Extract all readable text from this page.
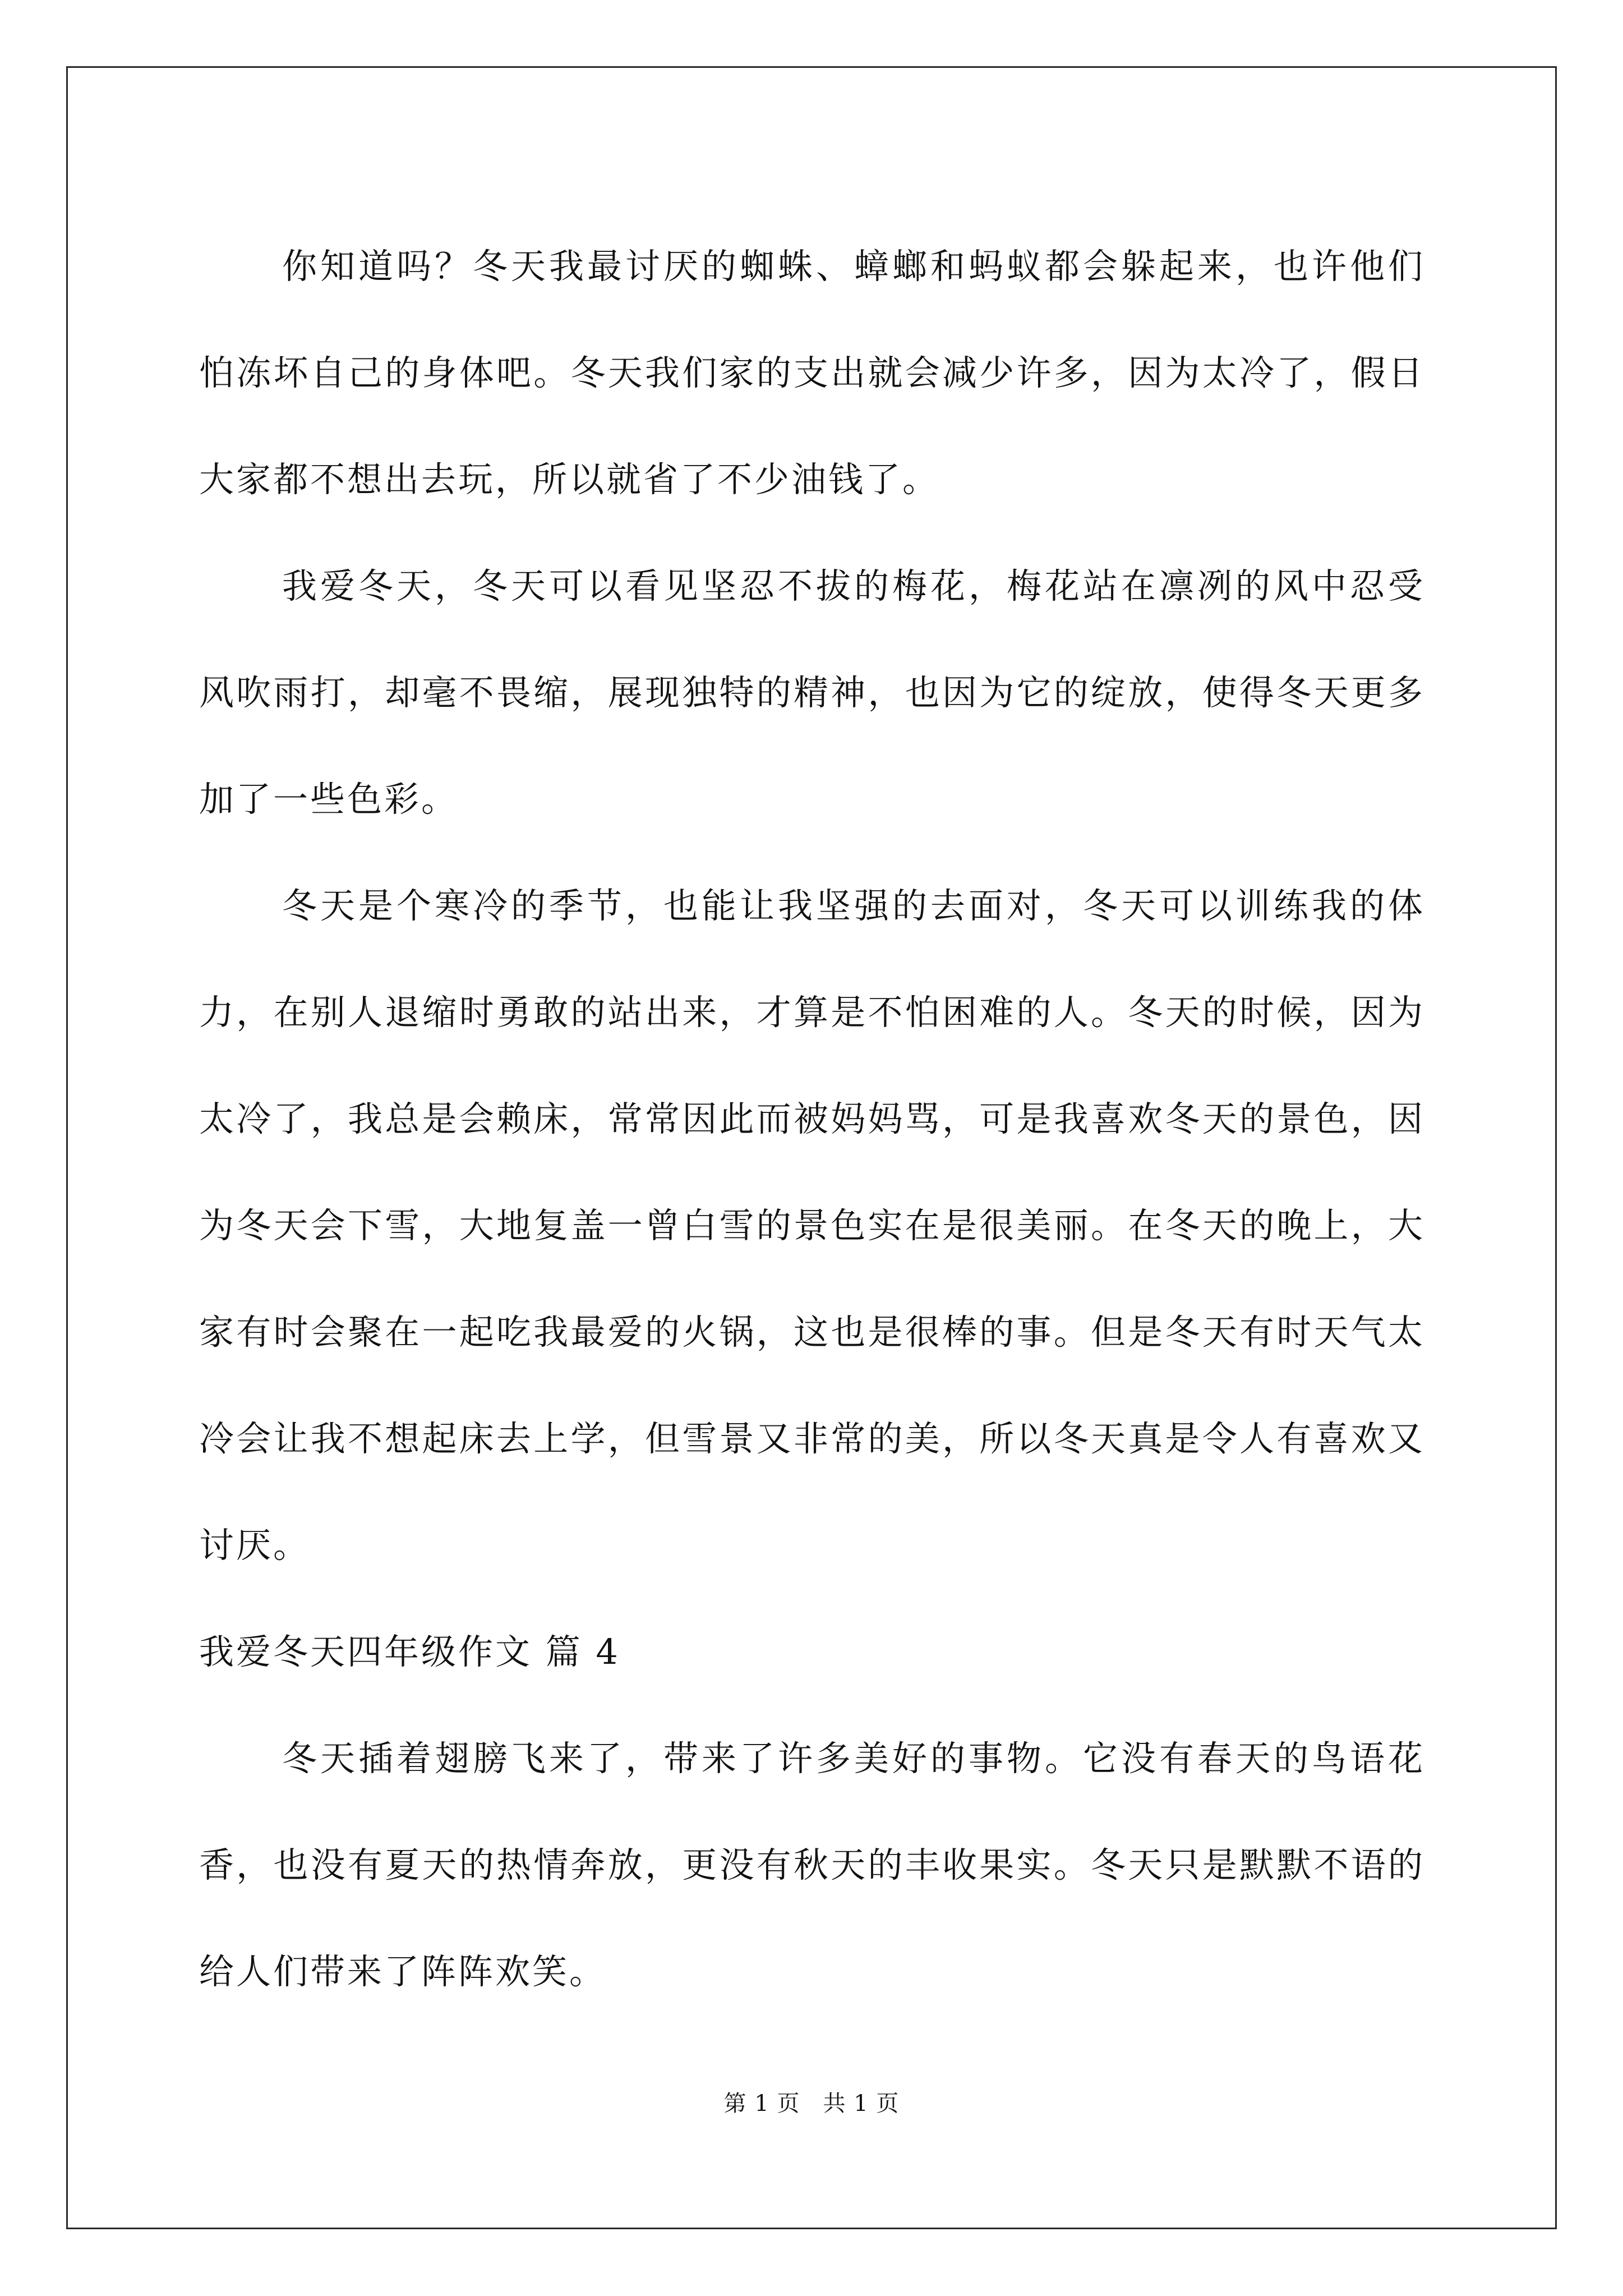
你知道吗？冬天我最讨厌的蜘蛛、蟑螂和蚂蚁都会躲起来，也许他们怕冻坏自己的身体吧。冬天我们家的支出就会减少许多，因为太冷了，假日大家都不想出去玩，所以就省了不少油钱了。

我爱冬天，冬天可以看见坚忍不拔的梅花，梅花站在凛冽的风中忍受风吹雨打，却毫不畏缩，展现独特的精神，也因为它的绽放，使得冬天更多加了一些色彩。

冬天是个寒冷的季节，也能让我坚强的去面对，冬天可以训练我的体力，在别人退缩时勇敢的站出来，才算是不怕困难的人。冬天的时候，因为太冷了，我总是会赖床，常常因此而被妈妈骂，可是我喜欢冬天的景色，因为冬天会下雪，大地复盖一曾白雪的景色实在是很美丽。在冬天的晚上，大家有时会聚在一起吃我最爱的火锅，这也是很棒的事。但是冬天有时天气太冷会让我不想起床去上学，但雪景又非常的美，所以冬天真是令人有喜欢又讨厌。

我爱冬天四年级作文 篇 4

冬天插着翅膀飞来了，带来了许多美好的事物。它没有春天的鸟语花香，也没有夏天的热情奔放，更没有秋天的丰收果实。冬天只是默默不语的给人们带来了阵阵欢笑。

第 1 页　共 1 页
